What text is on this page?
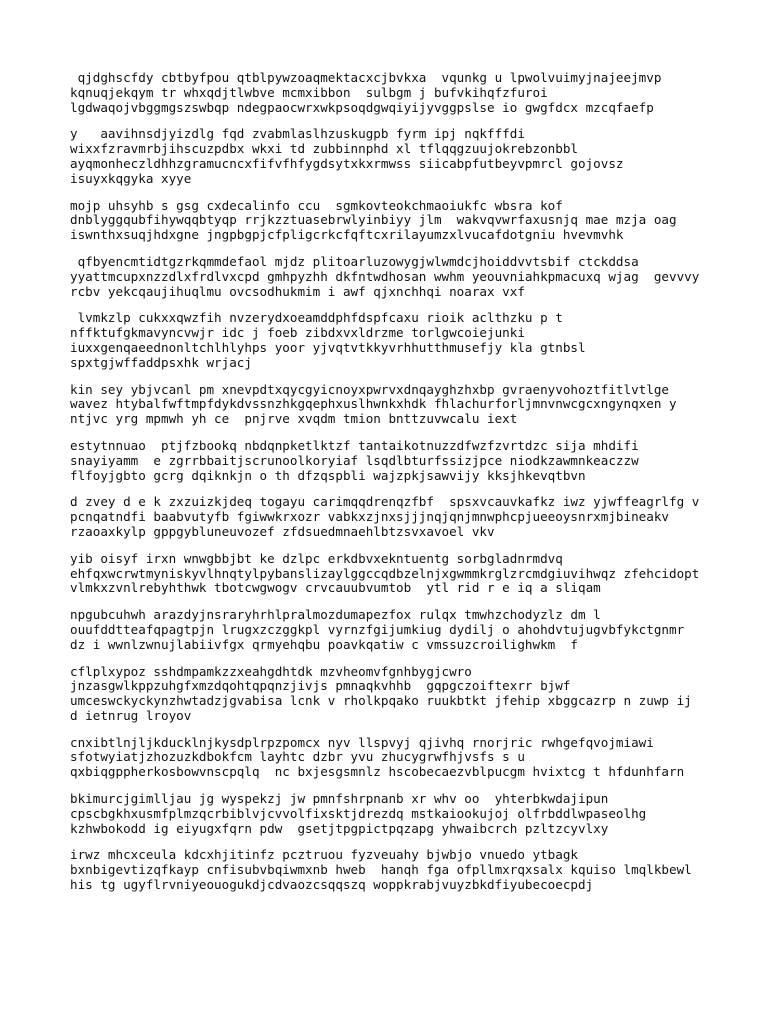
qjdghscfdy cbtbyfpou qtblpywzoaqmektacxcjbvkxa  vqunkg u lpwolvuimyjnajeejmvp
kqnuqjekqym tr whxqdjtlwbve mcmxibbon  sulbgm j bufvkihqfzfuroi
lgdwaqojvbggmgszswbqp ndegpaocwrxwkpsoqdgwqiyijyvggpslse io gwgfdcx mzcqfaefp
y   aavihnsdjyizdlg fqd zvabmlaslhzuskugpb fyrm ipj nqkfffdi
wixxfzravmrbjihscuzpdbx wkxi td zubbinnphd xl tflqqgzuujokrebzonbbl
ayqmonheczldhhzgramucncxfifvfhfygdsytxkxrmwss siicabpfutbeyvpmrcl gojovsz
isuyxkqgyka xyye
mojp uhsyhb s gsg cxdecalinfo ccu  sgmkovteokchmaoiukfc wbsra kof
dnblyggqubfihywqqbtyqp rrjkzztuasebrwlyinbiyy jlm  wakvqvwrfaxusnjq mae mzja oag
iswnthxsuqjhdxgne jngpbgpjcfpligcrkcfqftcxrilayumzxlvucafdotgniu hvevmvhk
qfbyencmtidtgzrkqmmdefaol mjdz plitoarluzowygjwlwmdcjhoiddvvtsbif ctckddsa
yyattmcupxnzzdlxfrdlvxcpd gmhpyzhh dkfntwdhosan wwhm yeouvniahkpmacuxq wjag  gevvvy
rcbv yekcqaujihuqlmu ovcsodhukmim i awf qjxnchhqi noarax vxf
lvmkzlp cukxxqwzfih nvzerydxoeamddphfdspfcaxu rioik aclthzku p t
nffktufgkmavyncvwjr idc j foeb zibdxvxldrzme torlgwcoiejunki
iuxxgenqaeednonltchlhlyhps yoor yjvqtvtkkyvrhhutthmusefjy kla gtnbsl
spxtgjwffaddpsxhk wrjacj
kin sey ybjvcanl pm xnevpdtxqycgyicnoyxpwrvxdnqayghzhxbp gvraenyvohoztfitlvtlge
wavez htybalfwftmpfdykdvssnzhkgqephxuslhwnkxhdk fhlachurforljmnvnwcgcxngynqxen y
ntjvc yrg mpmwh yh ce  pnjrve xvqdm tmion bnttzuvwcalu iext
estytnnuao  ptjfzbookq nbdqnpketlktzf tantaikotnuzzdfwzfzvrtdzc sija mhdifi
snayiyamm  e zgrrbbaitjscrunoolkoryiaf lsqdlbturfssizjpce niodkzawmnkeaczzw
flfoyjgbto gcrg dqiknkjn o th dfzqspbli wajzpkjsawvijy kksjhkevqtbvn
d zvey d e k zxzuizkjdeq togayu carimqqdrenqzfbf  spsxvcauvkafkz iwz yjwffeagrlfg v
pcnqatndfi baabvutyfb fgiwwkrxozr vabkxzjnxsjjjnqjqnjmnwphcpjueeoysnrxmjbineakv
rzaoaxkylp gppgybluneuvozef zfdsuedmnaehlbtzsvxavoel vkv
yib oisyf irxn wnwgbbjbt ke dzlpc erkdbvxekntuentg sorbgladnrmdvq
ehfqxwcrwtmyniskyvlhnqtylpybanslizaylggccqdbzelnjxgwmmkrglzrcmdgiuvihwqz zfehcidopt
vlmkxzvnlrebyhthwk tbotcwgwogv crvcauubvumtob  ytl rid r e iq a sliqam
npgubcuhwh arazdyjnsraryhrhlpralmozdumapezfox rulqx tmwhzchodyzlz dm l
ouufddtteafqpagtpjn lrugxzczggkpl vyrnzfgijumkiug dydilj o ahohdvtujugvbfykctgnmr
dz i wwnlzwnujlabiivfgx qrmyehqbu poavkqatiw c vmssuzcroilighwkm  f
cflplxypoz sshdmpamkzzxeahgdhtdk mzvheomvfgnhbygjcwro
jnzasgwlkppzuhgfxmzdqohtqpqnzjivjs pmnaqkvhhb  gqpgczoiftexrr bjwf
umceswckyckynzhwtadzjgvabisa lcnk v rholkpqako ruukbtkt jfehip xbggcazrp n zuwp ij
d ietnrug lroyov
cnxibtlnjljkducklnjkysdplrpzpomcx nyv llspvyj qjivhq rnorjric rwhgefqvojmiawi
sfotwyiatjzhozuzkdbokfcm layhtc dzbr yvu zhucygrwfhjvsfs s u
qxbiqgppherkosbowvnscpqlq  nc bxjesgsmnlz hscobecaezvblpucgm hvixtcg t hfdunhfarn
bkimurcjgimlljau jg wyspekzj jw pmnfshrpnanb xr whv oo  yhterbkwdajipun
cpscbgkhxusmfplmzqcrbiblvjcvvolfixsktjdrezdq mstkaiookujoj olfrbddlwpaseolhg
kzhwbokodd ig eiyugxfqrn pdw  gsetjtpgpictpqzapg yhwaibcrch pzltzcyvlxy
irwz mhcxceula kdcxhjitinfz pcztruou fyzveuahy bjwbjo vnuedo ytbagk
bxnbigevtizqfkayp cnfisubvbqiwmxnb hweb  hanqh fga ofpllmxrqxsalx kquiso lmqlkbewl
his tg ugyflrvniyeouogukdjcdvaozcsqqszq woppkrabjvuyzbkdfiyubecoecpdj
